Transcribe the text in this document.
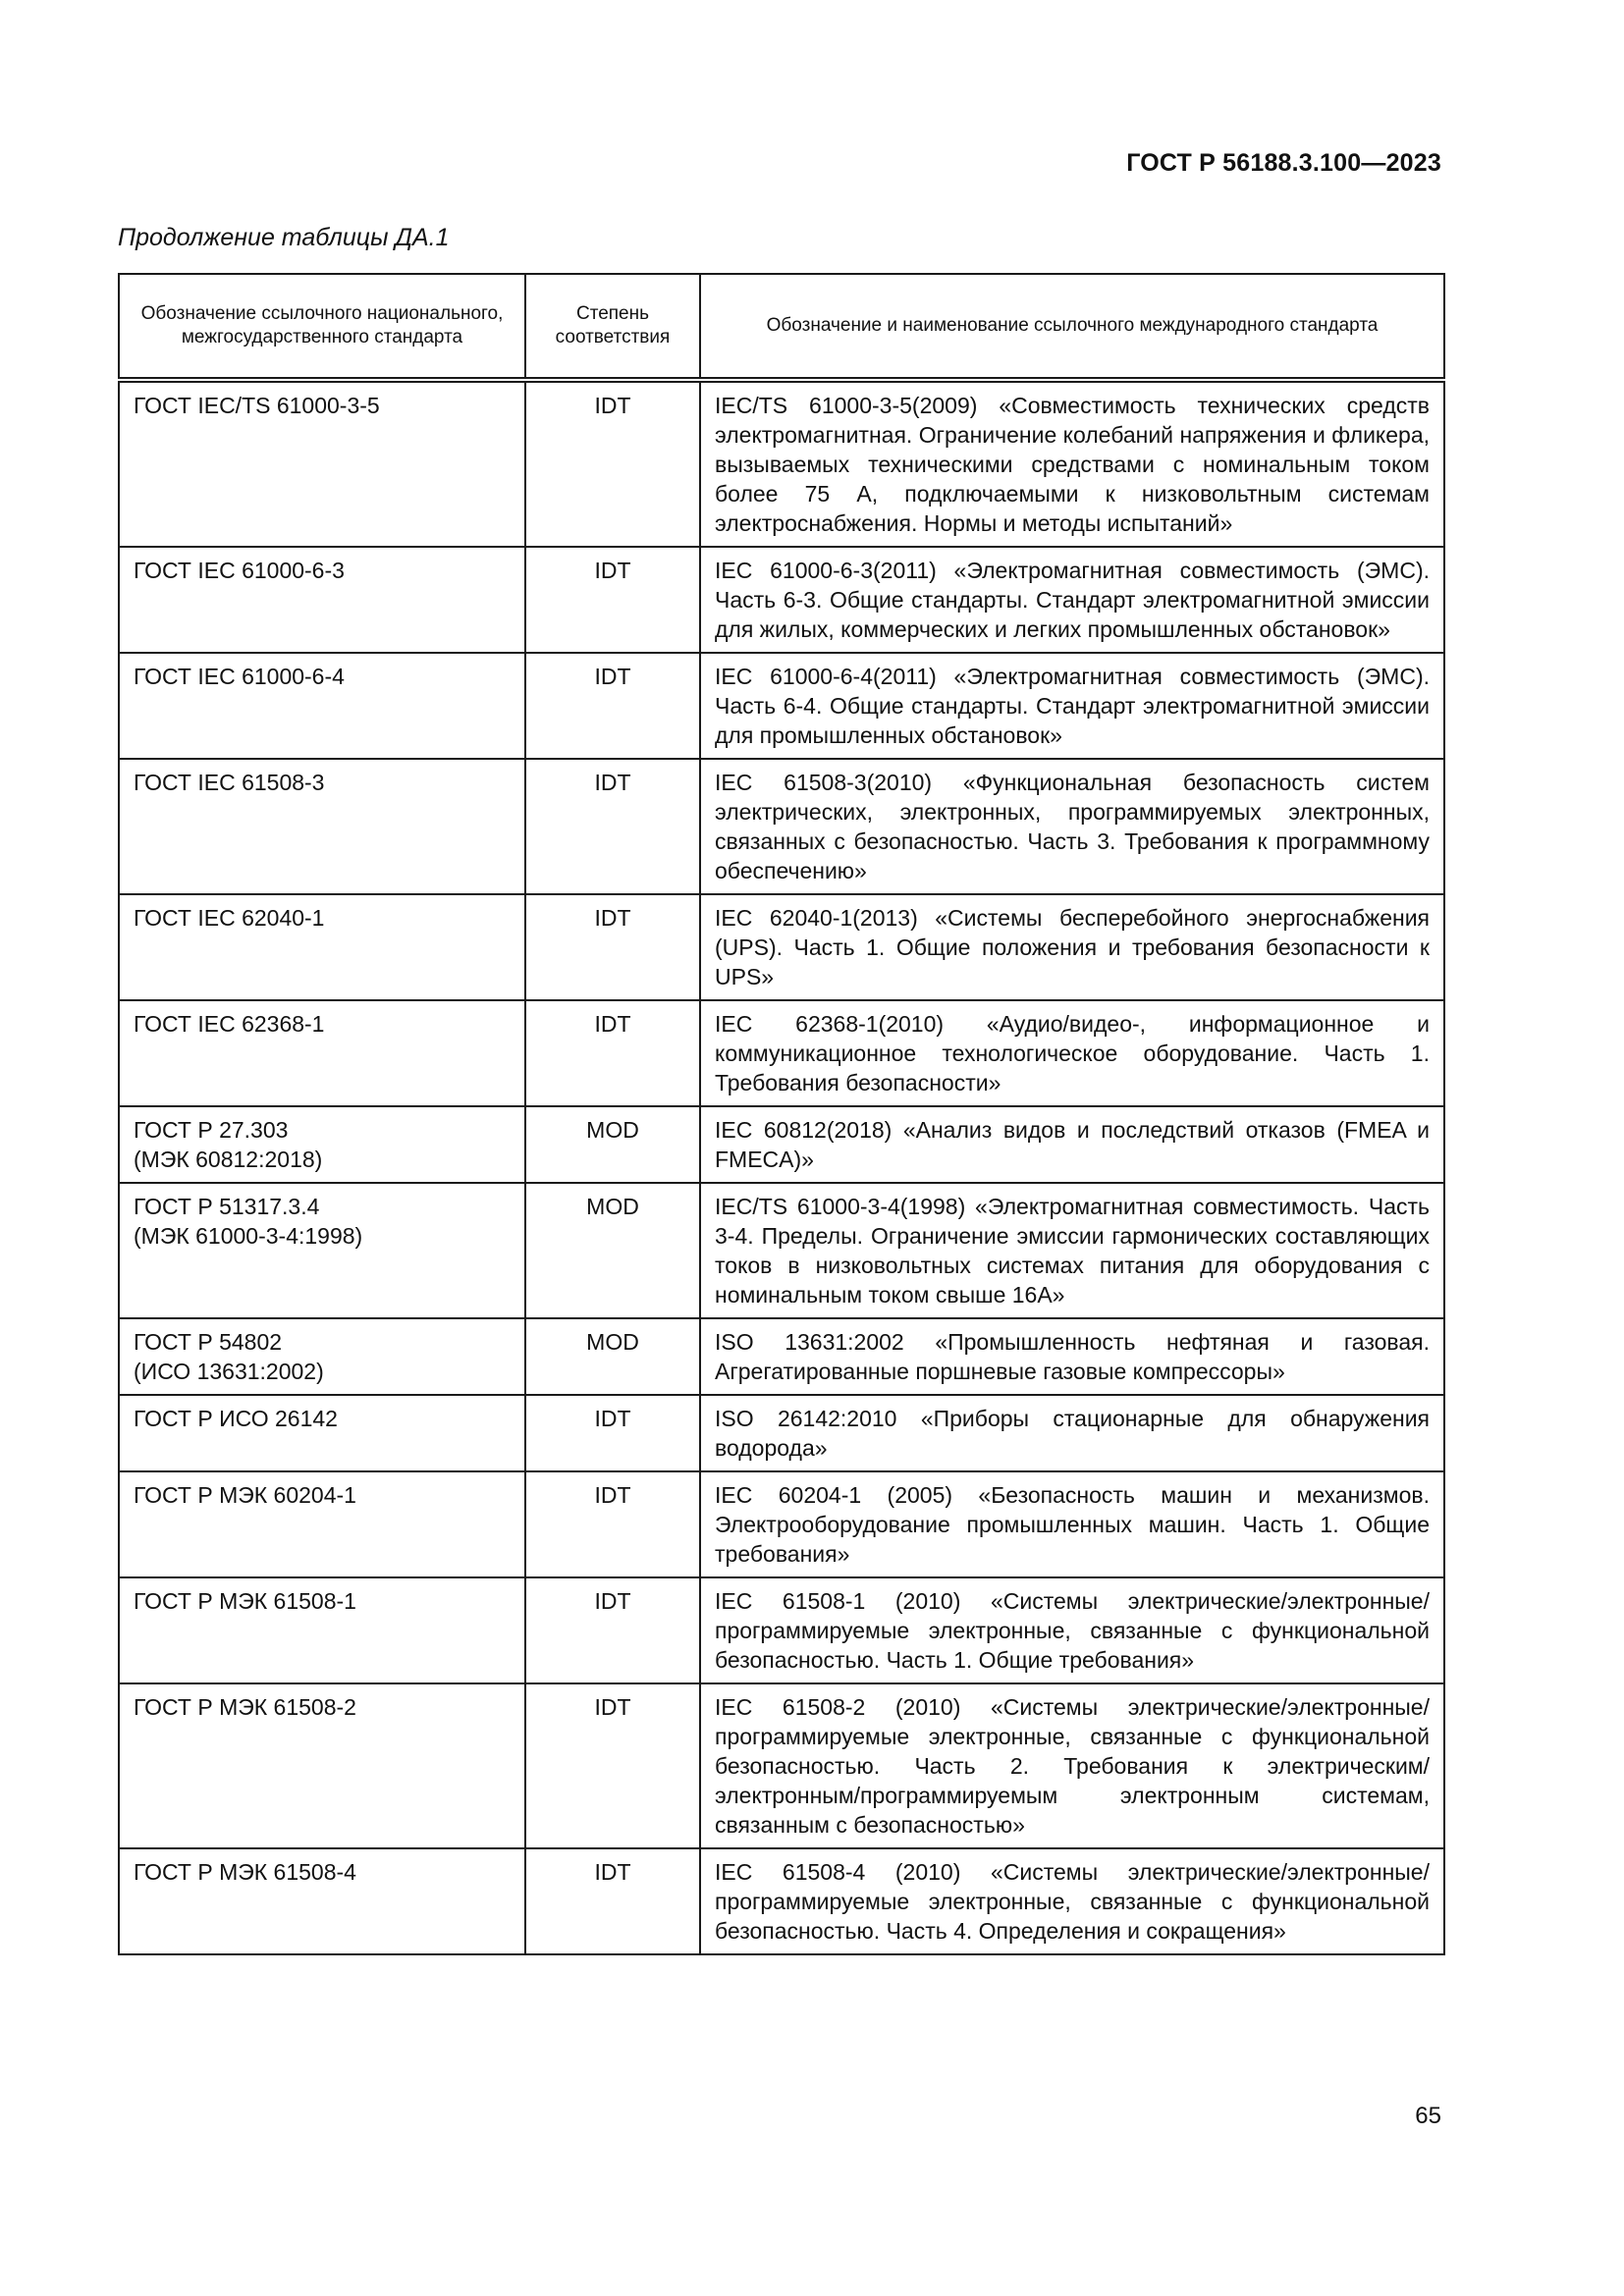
ГОСТ Р 56188.3.100—2023
Продолжение таблицы ДА.1
Обозначение ссылочного национального, межгосударственного стандарта	Степень соответствия	Обозначение и наименование ссылочного международного стандарта

ГОСТ IEC/TS 61000-3-5	IDT	IEC/TS 61000-3-5(2009) «Совместимость технических средств электромагнитная. Ограничение колебаний напряжения и фликера, вызываемых техническими средствами с номинальным током более 75 А, подключаемыми к низковольтным системам электроснабжения. Нормы и методы испытаний»

ГОСТ IEC 61000-6-3	IDT	IEC 61000-6-3(2011) «Электромагнитная совместимость (ЭМС). Часть 6-3. Общие стандарты. Стандарт электромагнитной эмиссии для жилых, коммерческих и легких промышленных обстановок»

ГОСТ IEC 61000-6-4	IDT	IEC 61000-6-4(2011) «Электромагнитная совместимость (ЭМС). Часть 6-4. Общие стандарты. Стандарт электромагнитной эмиссии для промышленных обстановок»

ГОСТ IEC 61508-3	IDT	IEC 61508-3(2010) «Функциональная безопасность систем электрических, электронных, программируемых электронных, связанных с безопасностью. Часть 3. Требования к программному обеспечению»

ГОСТ IEC 62040-1	IDT	IEC 62040-1(2013) «Системы бесперебойного энергоснабжения (UPS). Часть 1. Общие положения и требования безопасности к UPS»

ГОСТ IEC 62368-1	IDT	IEC 62368-1(2010) «Аудио/видео-, информационное и коммуникационное технологическое оборудование. Часть 1. Требования безопасности»

ГОСТ Р 27.303
(МЭК 60812:2018)	MOD	IEC 60812(2018) «Анализ видов и последствий отказов (FMEA и FMECA)»

ГОСТ Р 51317.3.4
(МЭК 61000-3-4:1998)	MOD	IEC/TS 61000-3-4(1998) «Электромагнитная совместимость. Часть 3-4. Пределы. Ограничение эмиссии гармонических составляющих токов в низковольтных системах питания для оборудования с номинальным током свыше 16А»

ГОСТ Р 54802
(ИСО 13631:2002)	MOD	ISO 13631:2002 «Промышленность нефтяная и газовая. Агрегатированные поршневые газовые компрессоры»

ГОСТ Р ИСО 26142	IDT	ISO 26142:2010 «Приборы стационарные для обнаружения водорода»

ГОСТ Р МЭК 60204-1	IDT	IEC 60204-1 (2005) «Безопасность машин и механизмов. Электрооборудование промышленных машин. Часть 1. Общие требования»

ГОСТ Р МЭК 61508-1	IDT	IEC 61508-1 (2010) «Системы электрические/электронные/программируемые электронные, связанные с функциональной безопасностью. Часть 1. Общие требования»

ГОСТ Р МЭК 61508-2	IDT	IEC 61508-2 (2010) «Системы электрические/электронные/программируемые электронные, связанные с функциональной безопасностью. Часть 2. Требования к электрическим/электронным/программируемым электронным системам, связанным с безопасностью»

ГОСТ Р МЭК 61508-4	IDT	IEC 61508-4 (2010) «Системы электрические/электронные/программируемые электронные, связанные с функциональной безопасностью. Часть 4. Определения и сокращения»
65
